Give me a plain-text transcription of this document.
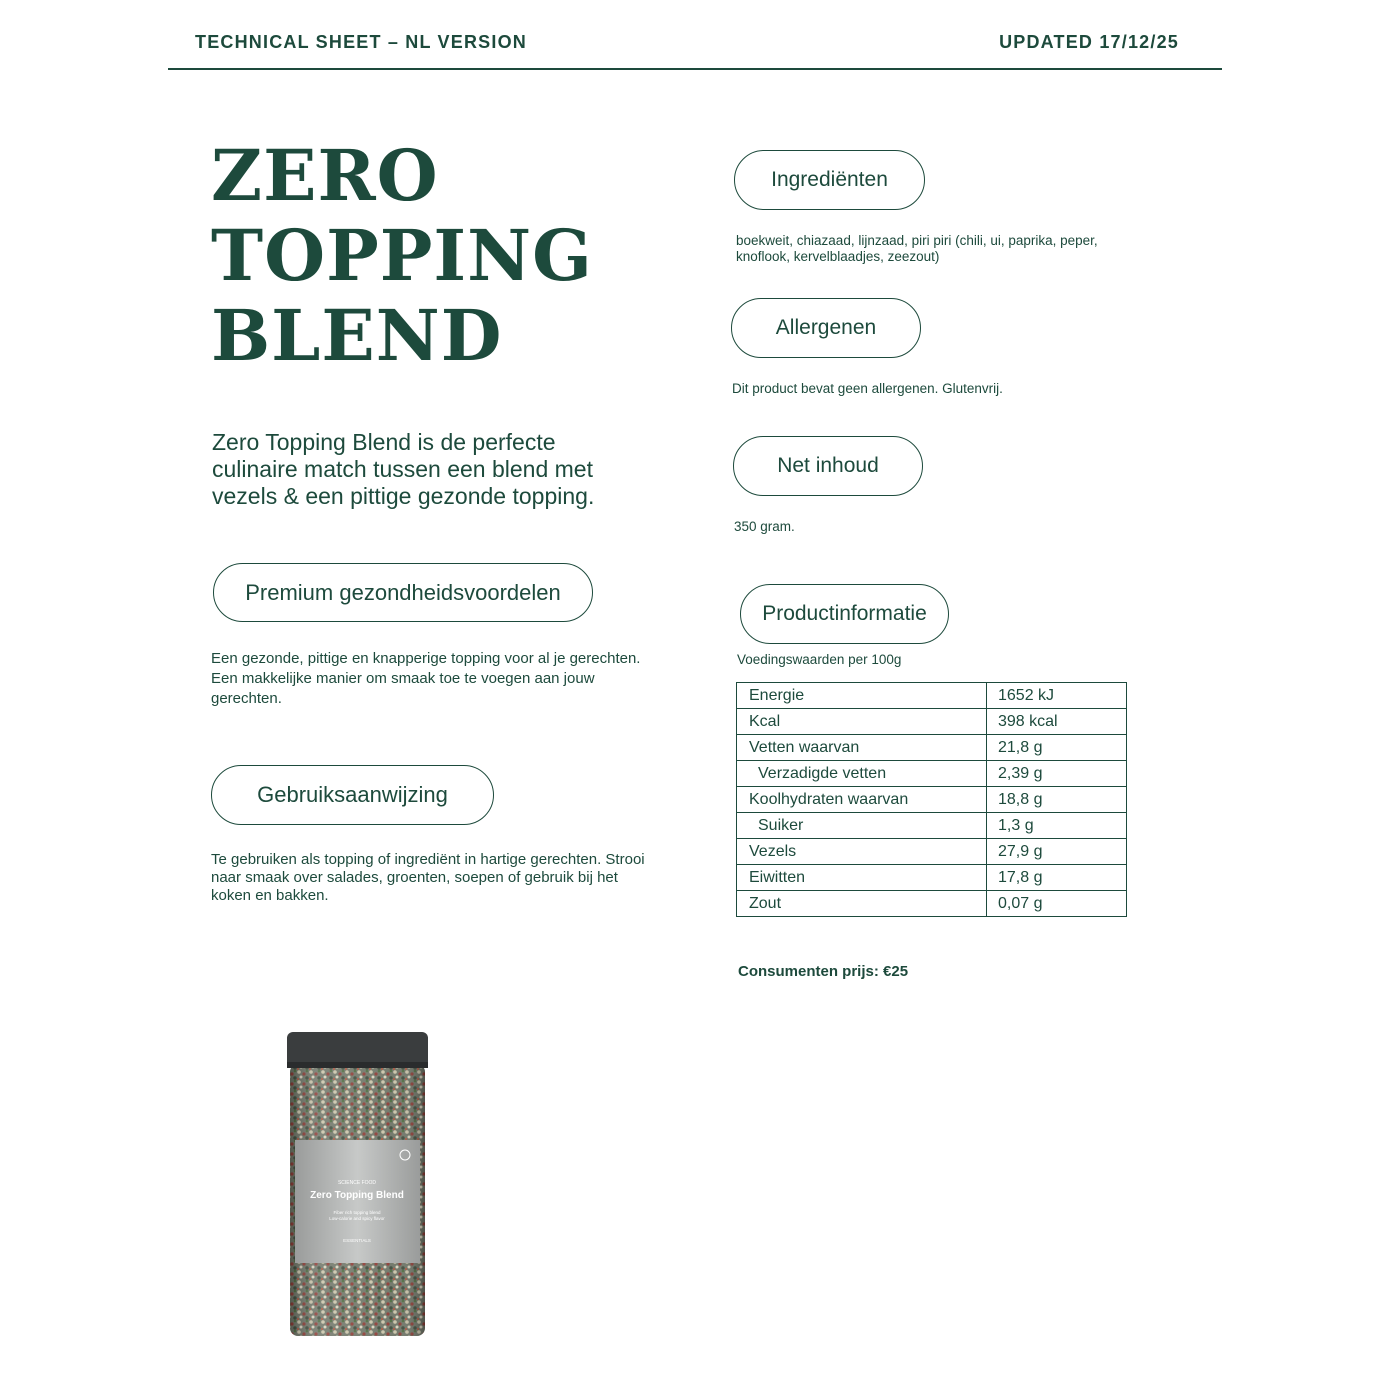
TECHNICAL SHEET – NL VERSION	UPDATED 17/12/25
ZERO
TOPPING
BLEND

Zero Topping Blend is de perfecte culinaire match tussen een blend met vezels & een pittige gezonde topping.

Premium gezondheidsvoordelen

Een gezonde, pittige en knapperige topping voor al je gerechten. Een makkelijke manier om smaak toe te voegen aan jouw gerechten.

Gebruiksaanwijzing

Te gebruiken als topping of ingrediënt in hartige gerechten. Strooi naar smaak over salades, groenten, soepen of gebruik bij het koken en bakken.

Ingrediënten

boekweit, chiazaad, lijnzaad, piri piri (chili, ui, paprika, peper, knoflook, kervelblaadjes, zeezout)

Allergenen

Dit product bevat geen allergenen. Glutenvrij.

Net inhoud

350 gram.

Productinformatie

Voedingswaarden per 100g

Energie	1652 kJ
Kcal	398 kcal
Vetten waarvan	21,8 g
Verzadigde vetten	2,39 g
Koolhydraten waarvan	18,8 g
Suiker	1,3 g
Vezels	27,9 g
Eiwitten	17,8 g
Zout	0,07 g
Consumenten prijs: €25
SCIENCE FOOD
Zero Topping Blend
Fiber rich topping blend
Low-calorie and spicy flavor
ESSENTIALS
